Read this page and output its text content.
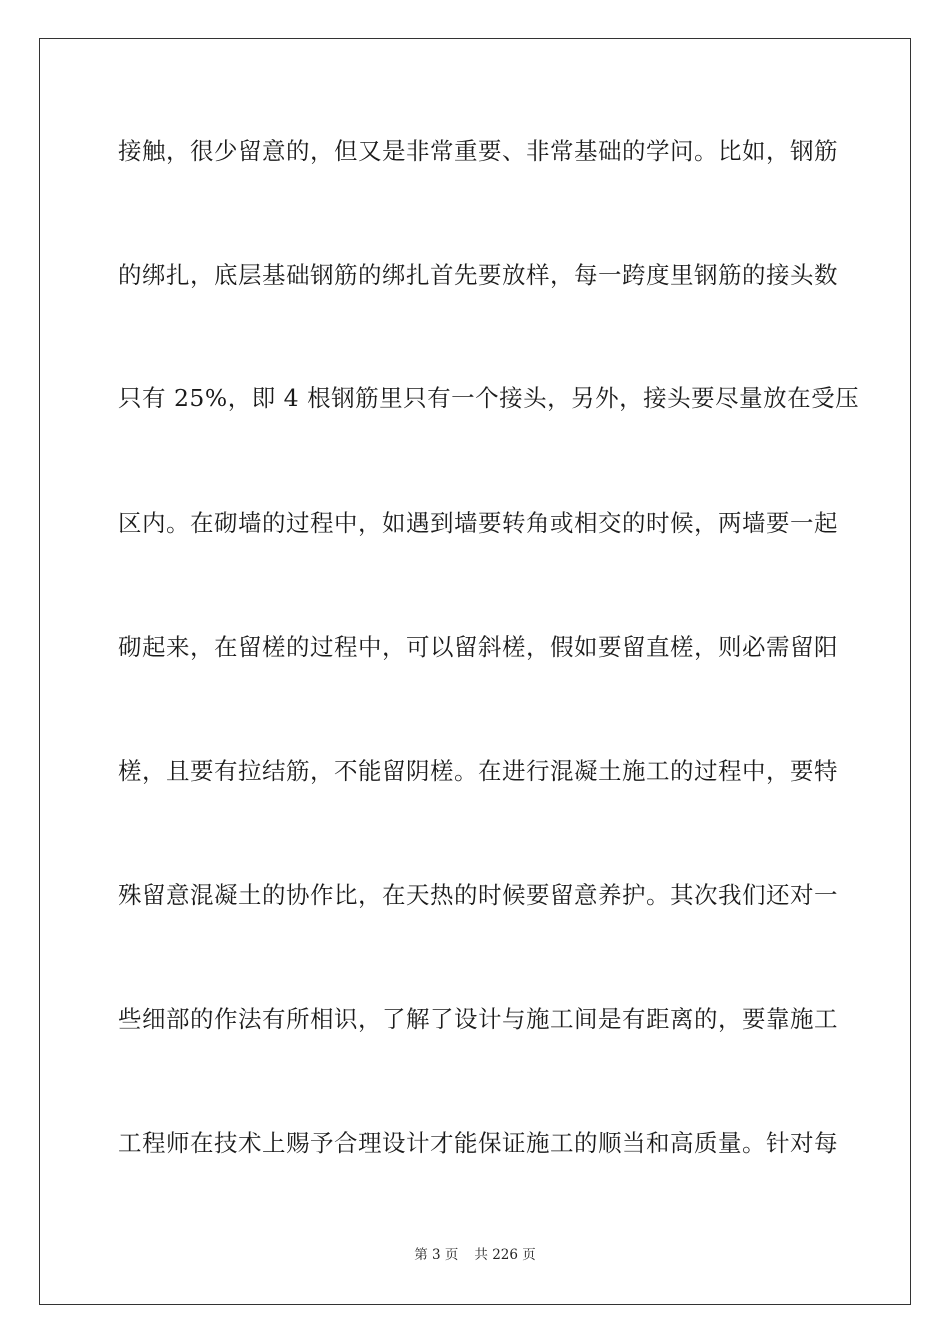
接触，很少留意的，但又是非常重要、非常基础的学问。比如，钢筋
的绑扎，底层基础钢筋的绑扎首先要放样，每一跨度里钢筋的接头数
只有 25%，即 4 根钢筋里只有一个接头，另外，接头要尽量放在受压
区内。在砌墙的过程中，如遇到墙要转角或相交的时候，两墙要一起
砌起来，在留槎的过程中，可以留斜槎，假如要留直槎，则必需留阳
槎，且要有拉结筋，不能留阴槎。在进行混凝土施工的过程中，要特
殊留意混凝土的协作比，在天热的时候要留意养护。其次我们还对一
些细部的作法有所相识，了解了设计与施工间是有距离的，要靠施工
工程师在技术上赐予合理设计才能保证施工的顺当和高质量。针对每
第 3 页 共 226 页
